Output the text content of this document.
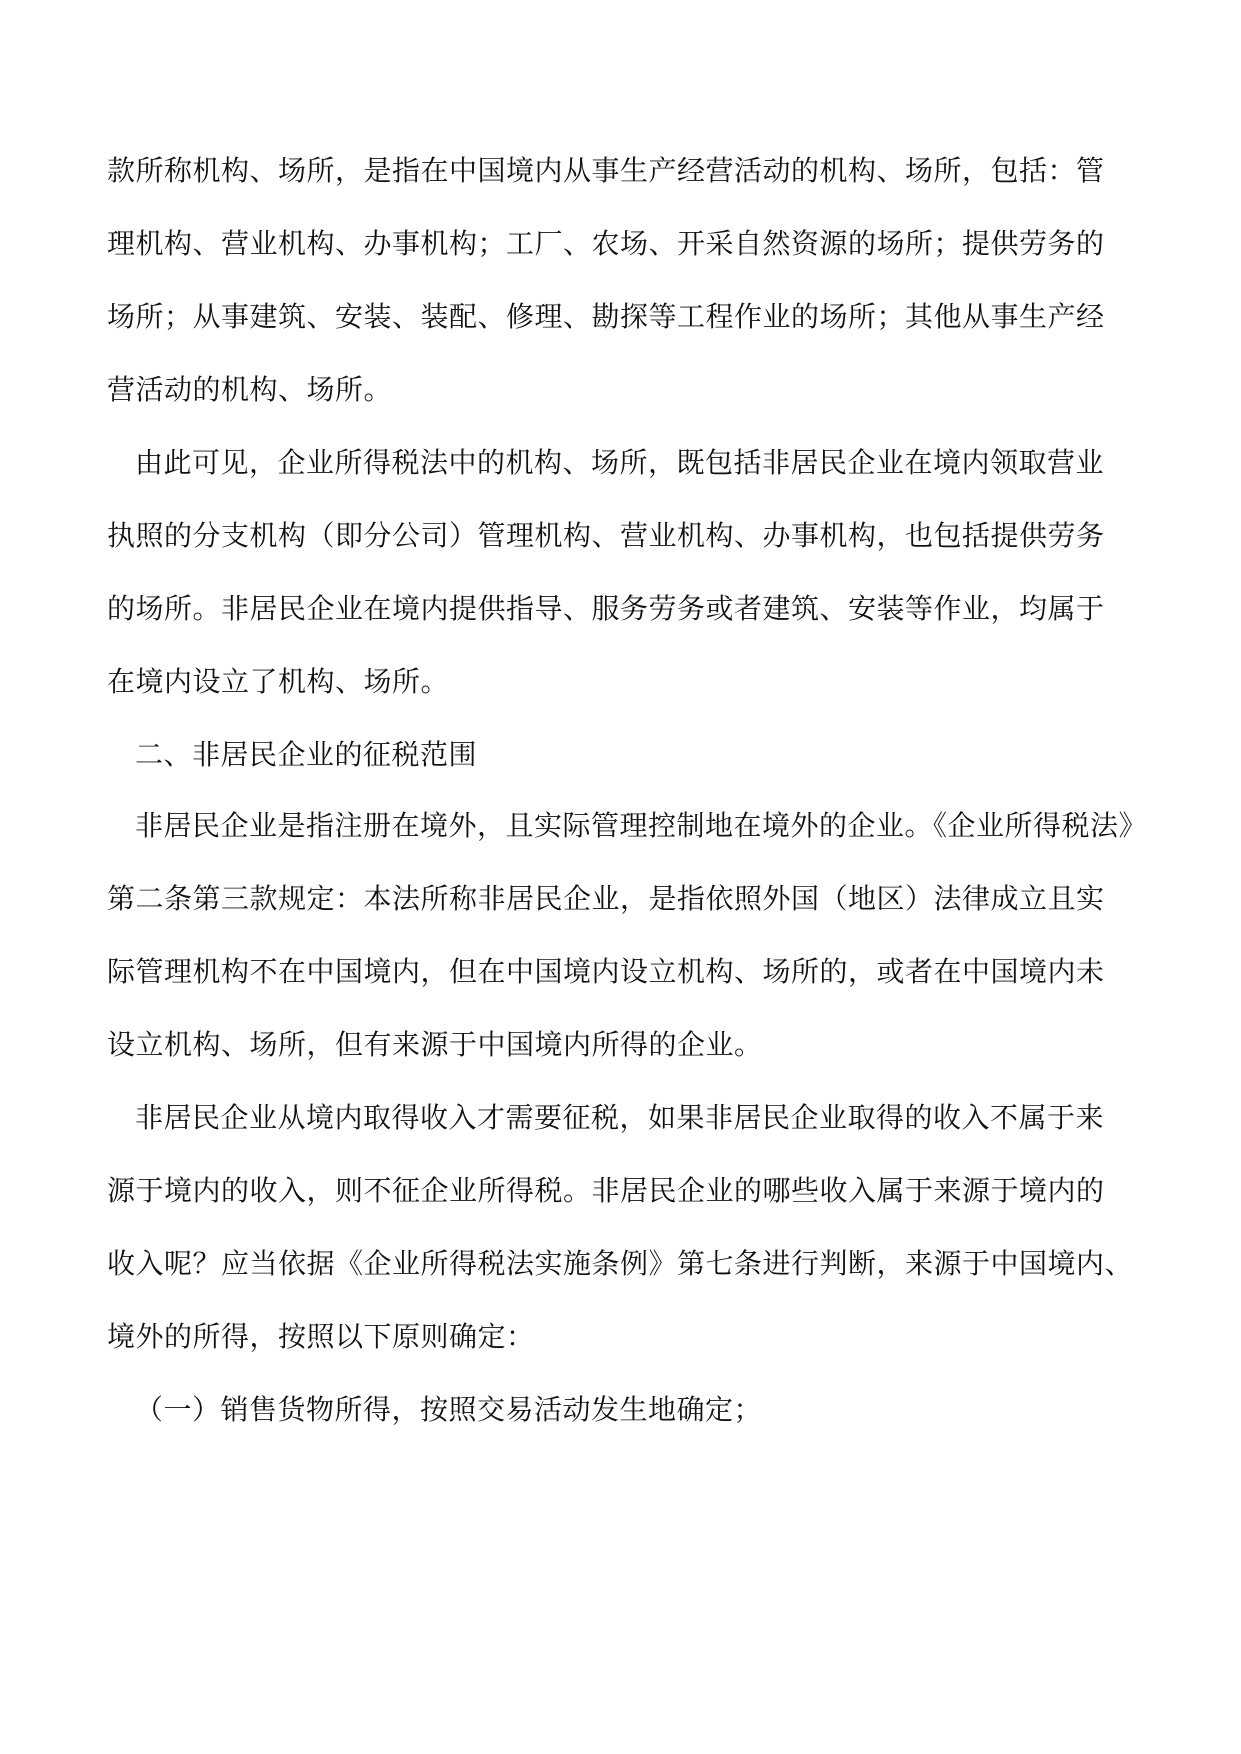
款所称机构、场所，是指在中国境内从事生产经营活动的机构、场所，包括：管
理机构、营业机构、办事机构；工厂、农场、开采自然资源的场所；提供劳务的
场所；从事建筑、安装、装配、修理、勘探等工程作业的场所；其他从事生产经
营活动的机构、场所。
由此可见，企业所得税法中的机构、场所，既包括非居民企业在境内领取营业
执照的分支机构（即分公司）管理机构、营业机构、办事机构，也包括提供劳务
的场所。非居民企业在境内提供指导、服务劳务或者建筑、安装等作业，均属于
在境内设立了机构、场所。
二、非居民企业的征税范围
非居民企业是指注册在境外，且实际管理控制地在境外的企业。《企业所得税法》
第二条第三款规定：本法所称非居民企业，是指依照外国（地区）法律成立且实
际管理机构不在中国境内，但在中国境内设立机构、场所的，或者在中国境内未
设立机构、场所，但有来源于中国境内所得的企业。
非居民企业从境内取得收入才需要征税，如果非居民企业取得的收入不属于来
源于境内的收入，则不征企业所得税。非居民企业的哪些收入属于来源于境内的
收入呢？应当依据《企业所得税法实施条例》第七条进行判断，来源于中国境内、
境外的所得，按照以下原则确定：
（一）销售货物所得，按照交易活动发生地确定；
